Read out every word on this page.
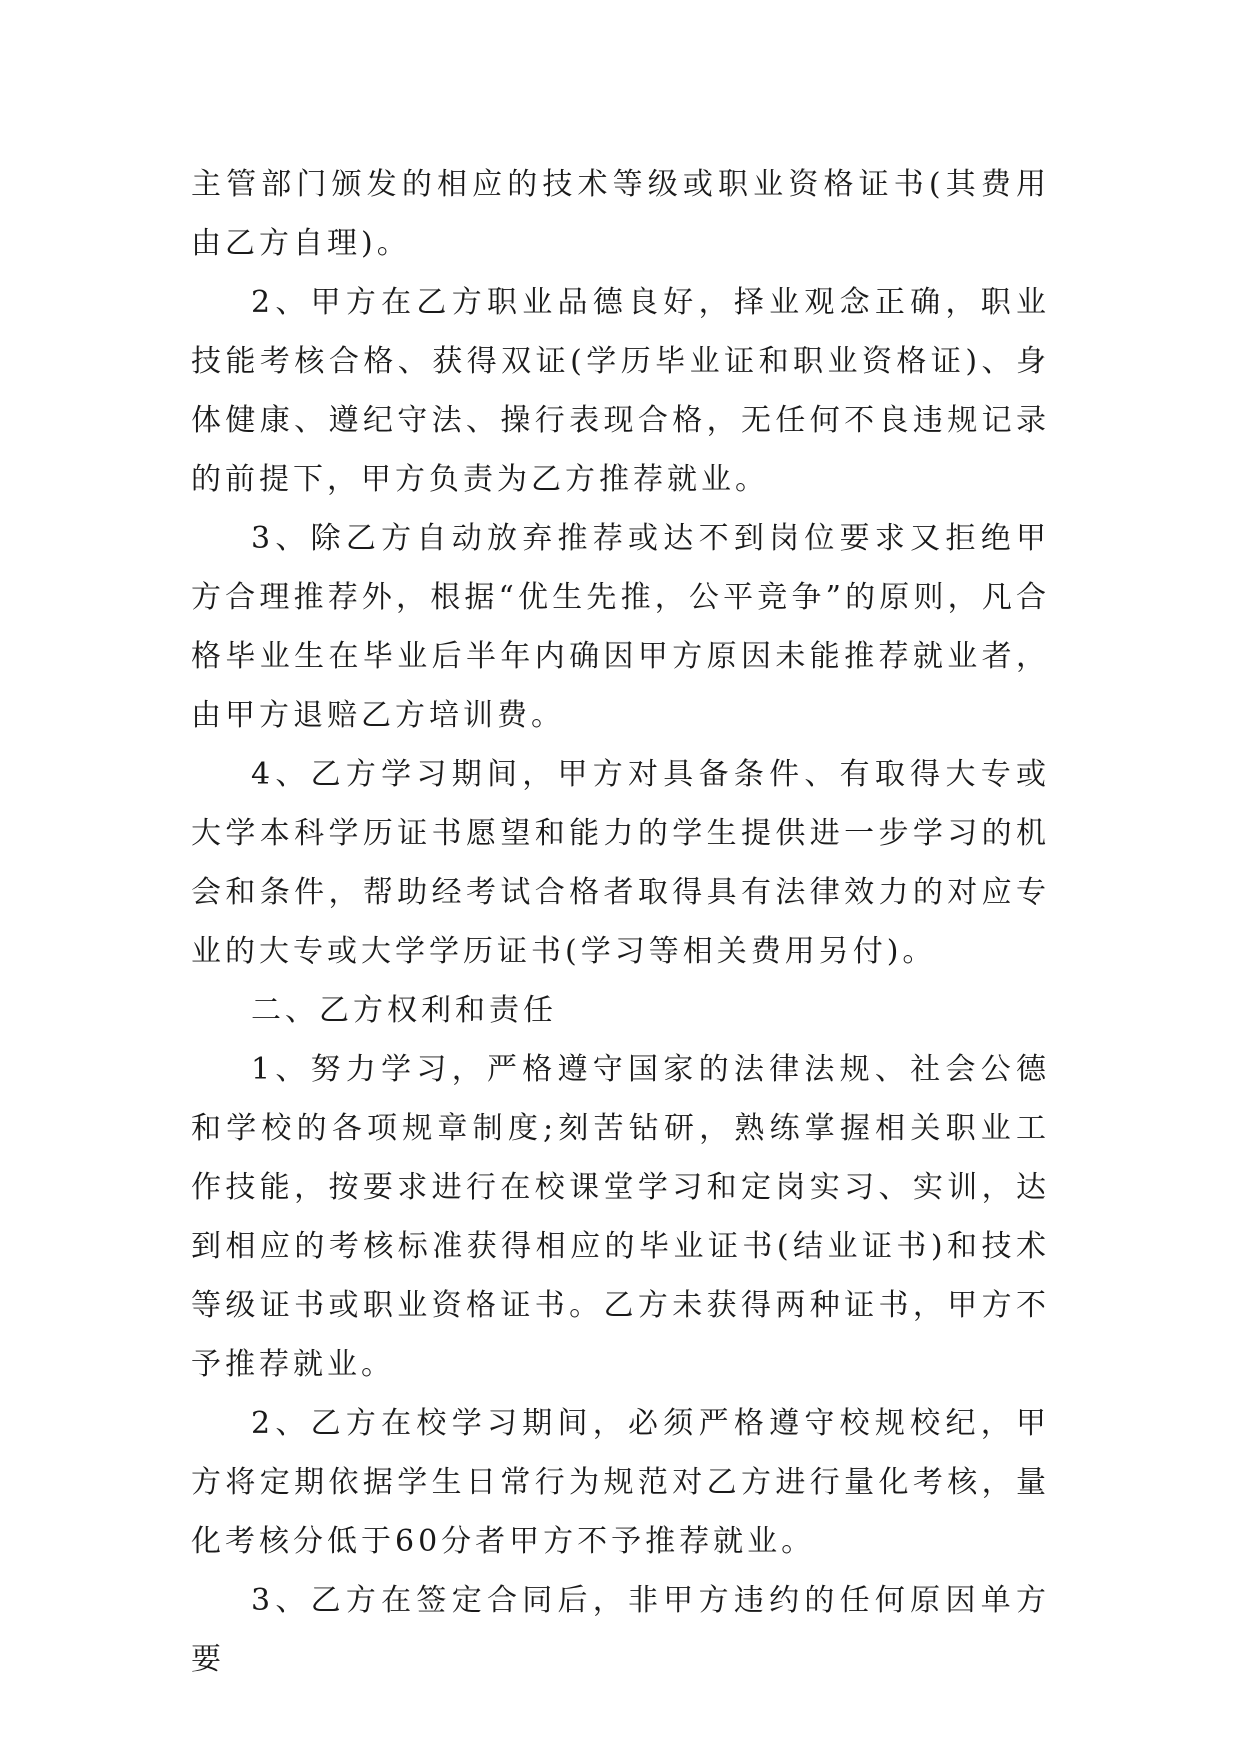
主管部门颁发的相应的技术等级或职业资格证书(其费用由乙方自理)。

2、甲方在乙方职业品德良好，择业观念正确，职业技能考核合格、获得双证(学历毕业证和职业资格证)、身体健康、遵纪守法、操行表现合格，无任何不良违规记录的前提下，甲方负责为乙方推荐就业。

3、除乙方自动放弃推荐或达不到岗位要求又拒绝甲方合理推荐外，根据“优生先推，公平竞争”的原则，凡合格毕业生在毕业后半年内确因甲方原因未能推荐就业者，由甲方退赔乙方培训费。

4、乙方学习期间，甲方对具备条件、有取得大专或大学本科学历证书愿望和能力的学生提供进一步学习的机会和条件，帮助经考试合格者取得具有法律效力的对应专业的大专或大学学历证书(学习等相关费用另付)。

二、乙方权利和责任

1、努力学习，严格遵守国家的法律法规、社会公德和学校的各项规章制度;刻苦钻研，熟练掌握相关职业工作技能，按要求进行在校课堂学习和定岗实习、实训，达到相应的考核标准获得相应的毕业证书(结业证书)和技术等级证书或职业资格证书。乙方未获得两种证书，甲方不予推荐就业。

2、乙方在校学习期间，必须严格遵守校规校纪，甲方将定期依据学生日常行为规范对乙方进行量化考核，量化考核分低于60分者甲方不予推荐就业。

3、乙方在签定合同后，非甲方违约的任何原因单方要
